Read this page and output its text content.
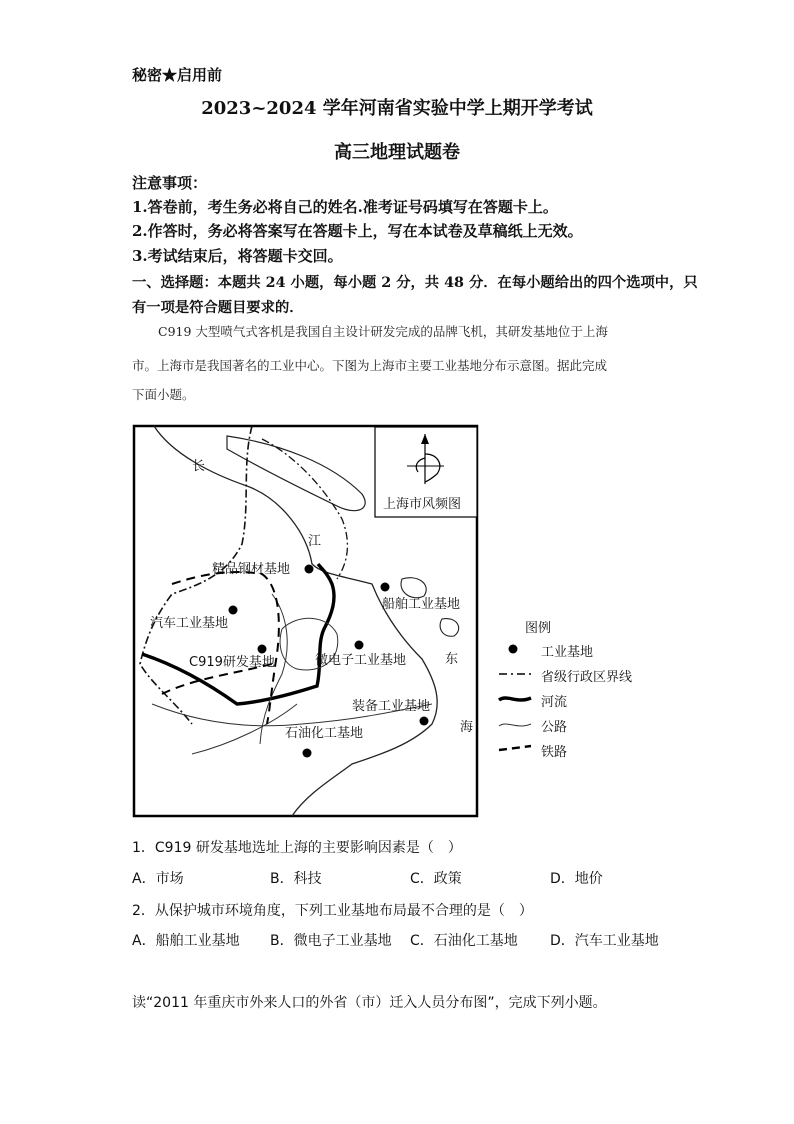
秘密★启用前
2023~2024 学年河南省实验中学上期开学考试
高三地理试题卷
注意事项：
1.答卷前，考生务必将自己的姓名.准考证号码填写在答题卡上。
2.作答时，务必将答案写在答题卡上，写在本试卷及草稿纸上无效。
3.考试结束后，将答题卡交回。
一、选择题：本题共 24 小题，每小题 2 分，共 48 分．在每小题给出的四个选项中，只
有一项是符合题目要求的．
C919 大型喷气式客机是我国自主设计研发完成的品牌飞机，其研发基地位于上海
市。上海市是我国著名的工业中心。下图为上海市主要工业基地分布示意图。据此完成
下面小题。
上海市风频图
长
江
东
海
精品钢材基地
船舶工业基地
汽车工业基地
C919研发基地	微电子工业基地
装备工业基地
石油化工基地
图例
工业基地
省级行政区界线
河流
公路
铁路
1．C919 研发基地选址上海的主要影响因素是（　）
A．市场	B．科技	C．政策	D．地价
2．从保护城市环境角度，下列工业基地布局最不合理的是（　）
A．船舶工业基地 B．微电子工业基地 C．石油化工基地 D．汽车工业基地
读“2011 年重庆市外来人口的外省（市）迁入人员分布图”，完成下列小题。
